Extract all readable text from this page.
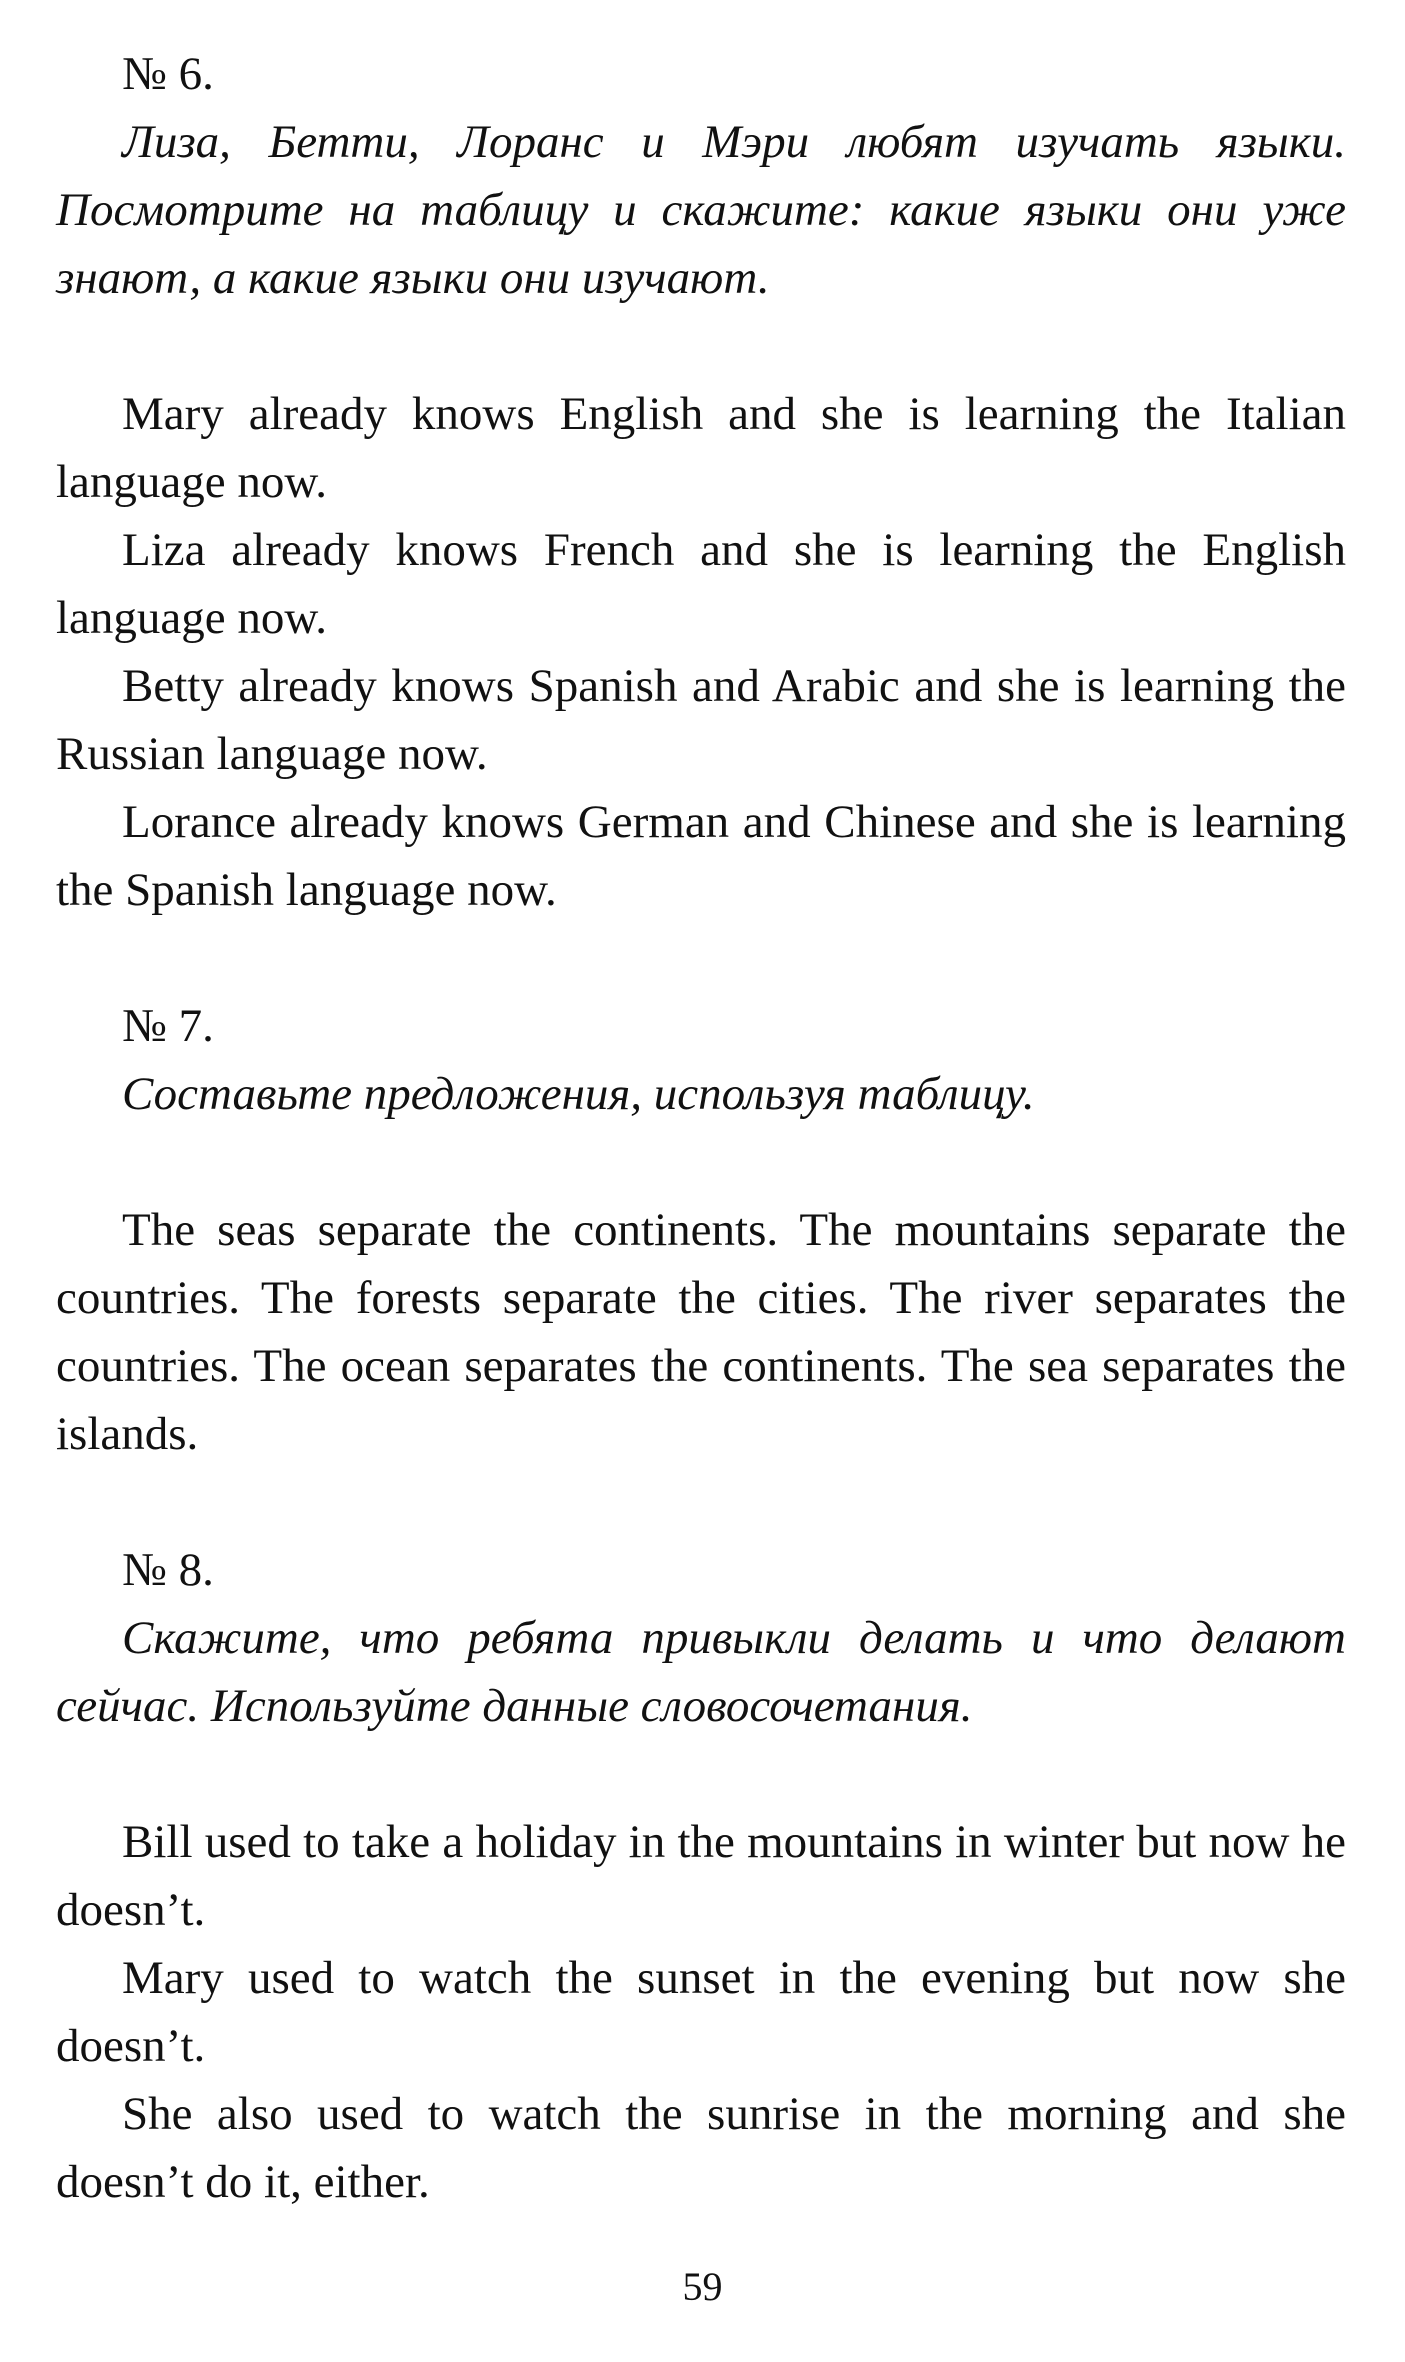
№ 6.

Лиза, Бетти, Лоранс и Мэри любят изучать языки. Посмотрите на таблицу и скажите: какие языки они уже знают, а какие языки они изучают.

Mary already knows English and she is learning the Italian language now.

Liza already knows French and she is learning the English language now.

Betty already knows Spanish and Arabic and she is learning the Russian language now.

Lorance already knows German and Chinese and she is learning the Spanish language now.

№ 7.

Составьте предложения, используя таблицу.

The seas separate the continents. The mountains separate the countries. The forests separate the cities. The river separates the countries. The ocean separates the continents. The sea separates the islands.

№ 8.

Скажите, что ребята привыкли делать и что делают сейчас. Используйте данные словосочетания.

Bill used to take a holiday in the mountains in winter but now he doesn’t.

Mary used to watch the sunset in the evening but now she doesn’t.

She also used to watch the sunrise in the morning and she doesn’t do it, either.

59
